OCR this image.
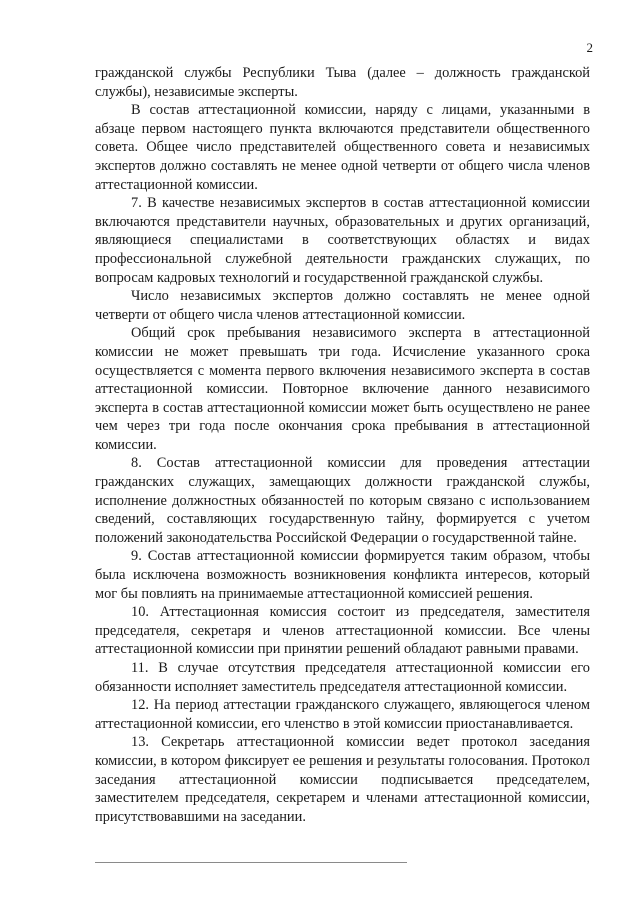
2

гражданской службы Республики Тыва (далее – должность гражданской службы), независимые эксперты.

В состав аттестационной комиссии, наряду с лицами, указанными в абзаце первом настоящего пункта включаются представители общественного совета. Общее число представителей общественного совета и независимых экспертов должно составлять не менее одной четверти от общего числа членов аттестационной комиссии.

7. В качестве независимых экспертов в состав аттестационной комиссии включаются представители научных, образовательных и других организаций, являющиеся специалистами в соответствующих областях и видах профессиональной служебной деятельности гражданских служащих, по вопросам кадровых технологий и государственной гражданской службы.

Число независимых экспертов должно составлять не менее одной четверти от общего числа членов аттестационной комиссии.

Общий срок пребывания независимого эксперта в аттестационной комиссии не может превышать три года. Исчисление указанного срока осуществляется с момента первого включения независимого эксперта в состав аттестационной комиссии. Повторное включение данного независимого эксперта в состав аттестационной комиссии может быть осуществлено не ранее чем через три года после окончания срока пребывания в аттестационной комиссии.

8. Состав аттестационной комиссии для проведения аттестации гражданских служащих, замещающих должности гражданской службы, исполнение должностных обязанностей по которым связано с использованием сведений, составляющих государственную тайну, формируется с учетом положений законодательства Российской Федерации о государственной тайне.

9. Состав аттестационной комиссии формируется таким образом, чтобы была исключена возможность возникновения конфликта интересов, который мог бы повлиять на принимаемые аттестационной комиссией решения.

10. Аттестационная комиссия состоит из председателя, заместителя председателя, секретаря и членов аттестационной комиссии. Все члены аттестационной комиссии при принятии решений обладают равными правами.

11. В случае отсутствия председателя аттестационной комиссии его обязанности исполняет заместитель председателя аттестационной комиссии.

12. На период аттестации гражданского служащего, являющегося членом аттестационной комиссии, его членство в этой комиссии приостанавливается.

13. Секретарь аттестационной комиссии ведет протокол заседания комиссии, в котором фиксирует ее решения и результаты голосования. Протокол заседания аттестационной комиссии подписывается председателем, заместителем председателя, секретарем и членами аттестационной комиссии, присутствовавшими на заседании.
